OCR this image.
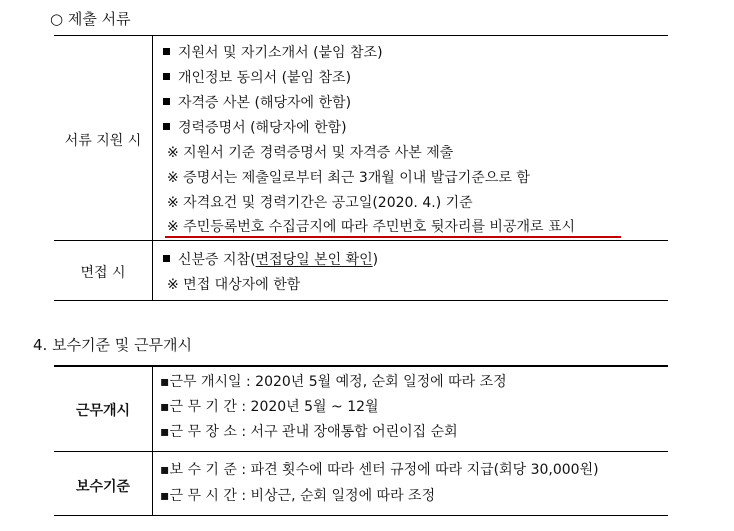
○ 제출 서류
서류 지원 시
지원서 및 자기소개서 (붙임 참조)
개인정보 동의서 (붙임 참조)
자격증 사본 (해당자에 한함)
경력증명서 (해당자에 한함)
※ 지원서 기준 경력증명서 및 자격증 사본 제출
※ 증명서는 제출일로부터 최근 3개월 이내 발급기준으로 함
※ 자격요건 및 경력기간은 공고일(2020. 4.) 기준
※ 주민등록번호 수집금지에 따라 주민번호 뒷자리를 비공개로 표시
면접 시
신분증 지참(면접당일 본인 확인)
※ 면접 대상자에 한함
4. 보수기준 및 근무개시
근무개시
▪근무 개시일 : 2020년 5월 예정, 순회 일정에 따라 조정
▪근 무 기 간 : 2020년 5월 ~ 12월
▪근 무 장 소 : 서구 관내 장애통합 어린이집 순회
보수기준
▪보 수 기 준 : 파견 횟수에 따라 센터 규정에 따라 지급(회당 30,000원)
▪근 무 시 간 : 비상근, 순회 일정에 따라 조정
